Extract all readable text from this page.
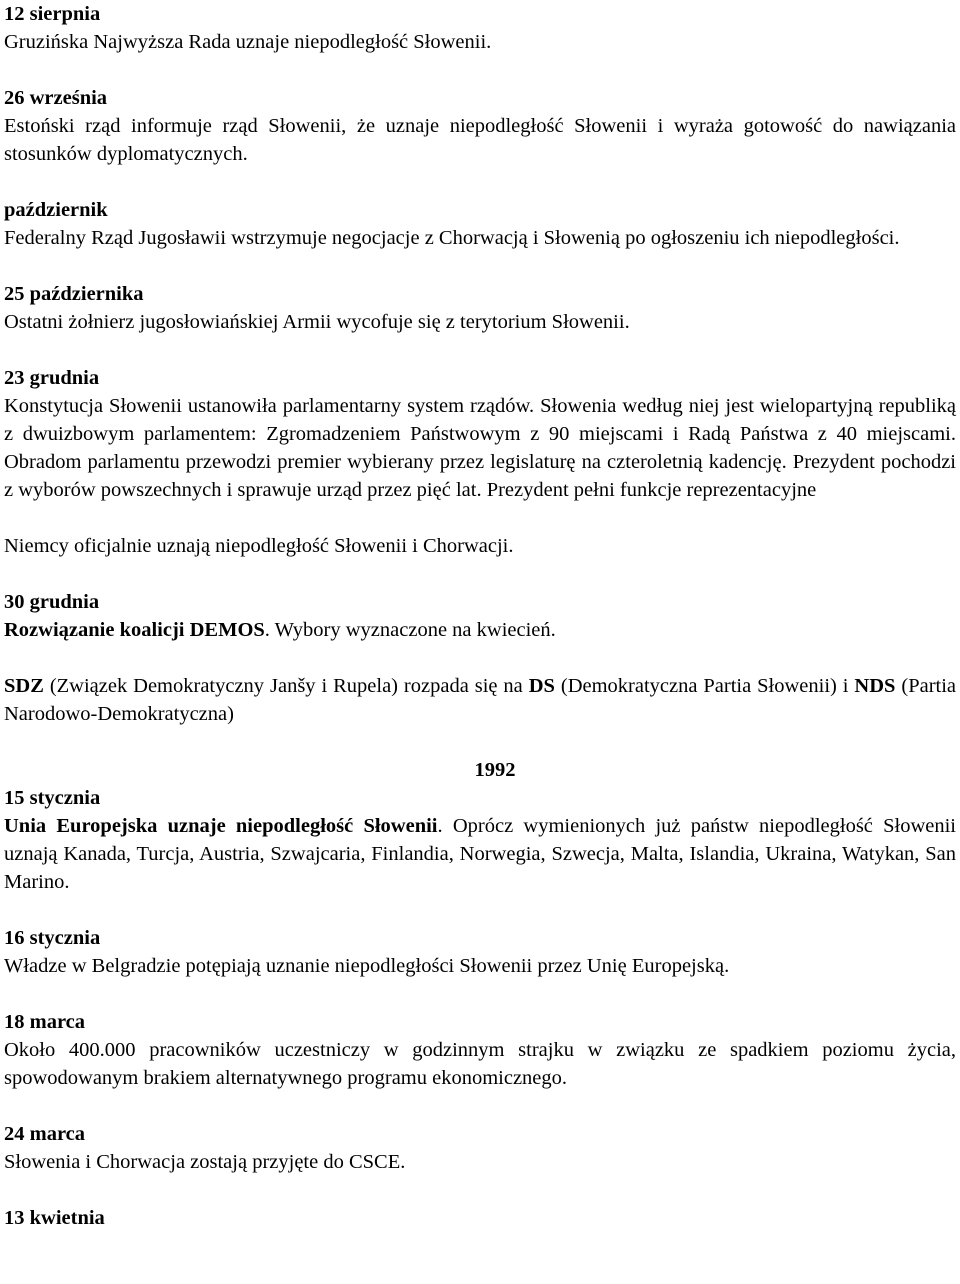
12 sierpnia
Gruzińska Najwyższa Rada uznaje niepodległość Słowenii.
26 września
Estoński rząd informuje rząd Słowenii, że uznaje niepodległość Słowenii i wyraża gotowość do nawiązania stosunków dyplomatycznych.
październik
Federalny Rząd Jugosławii wstrzymuje negocjacje z Chorwacją i Słowenią po ogłoszeniu ich niepodległości.
25 października
Ostatni żołnierz jugosłowiańskiej Armii wycofuje się z terytorium Słowenii.
23 grudnia
Konstytucja Słowenii ustanowiła parlamentarny system rządów. Słowenia według niej jest wielopartyjną republiką z dwuizbowym parlamentem: Zgromadzeniem Państwowym z 90 miejscami i Radą Państwa z 40 miejscami. Obradom parlamentu przewodzi premier wybierany przez legislaturę na czteroletnią kadencję. Prezydent pochodzi z wyborów powszechnych i sprawuje urząd przez pięć lat. Prezydent pełni funkcje reprezentacyjne
Niemcy oficjalnie uznają niepodległość Słowenii i Chorwacji.
30 grudnia
Rozwiązanie koalicji DEMOS. Wybory wyznaczone na kwiecień.
SDZ (Związek Demokratyczny Janšy i Rupela) rozpada się na DS (Demokratyczna Partia Słowenii) i NDS (Partia Narodowo-Demokratyczna)
1992
15 stycznia
Unia Europejska uznaje niepodległość Słowenii. Oprócz wymienionych już państw niepodległość Słowenii uznają Kanada, Turcja, Austria, Szwajcaria, Finlandia, Norwegia, Szwecja, Malta, Islandia, Ukraina, Watykan, San Marino.
16 stycznia
Władze w Belgradzie potępiają uznanie niepodległości Słowenii przez Unię Europejską.
18 marca
Około 400.000 pracowników uczestniczy w godzinnym strajku w związku ze spadkiem poziomu życia, spowodowanym brakiem alternatywnego programu ekonomicznego.
24 marca
Słowenia i Chorwacja zostają przyjęte do CSCE.
13 kwietnia
